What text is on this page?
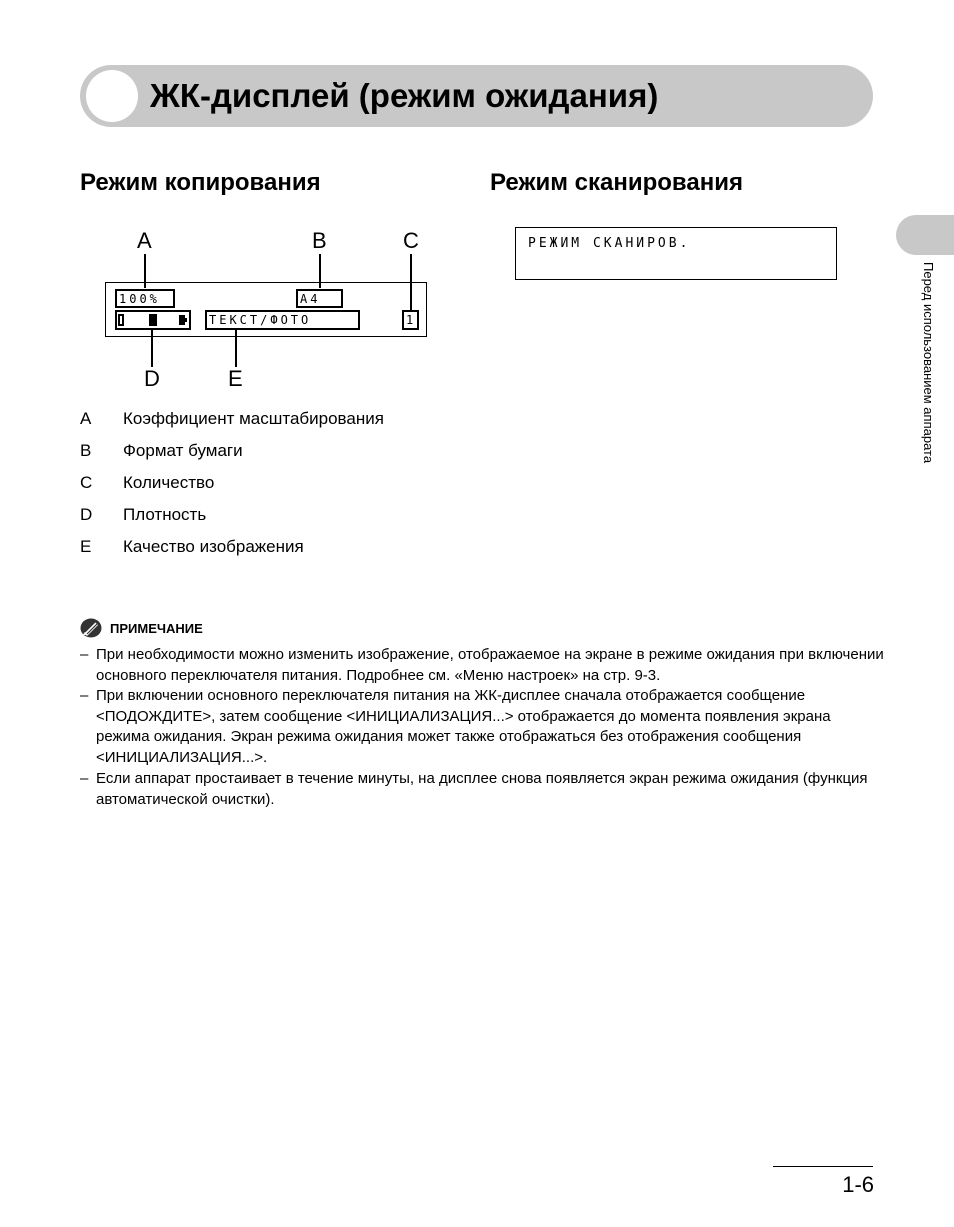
ЖК-дисплей (режим ожидания)
Перед использованием аппарата
Режим копирования	Режим сканирования
A	B	C
100%	A4
ТЕКСТ/ФОТО	1
D	E
РЕЖИМ СКАНИРОВ.
A Коэффициент масштабирования
B Формат бумаги
C Количество
D Плотность
E Качество изображения
ПРИМЕЧАНИЕ
– При необходимости можно изменить изображение, отображаемое на экране в режиме ожидания при включении основного переключателя питания. Подробнее см. «Меню настроек» на стр. 9-3.
– При включении основного переключателя питания на ЖК-дисплее сначала отображается сообщение <ПОДОЖДИТЕ>, затем сообщение <ИНИЦИАЛИЗАЦИЯ...> отображается до момента появления экрана режима ожидания. Экран режима ожидания может также отображаться без отображения сообщения <ИНИЦИАЛИЗАЦИЯ...>.
– Если аппарат простаивает в течение минуты, на дисплее снова появляется экран режима ожидания (функция автоматической очистки).
1-6
